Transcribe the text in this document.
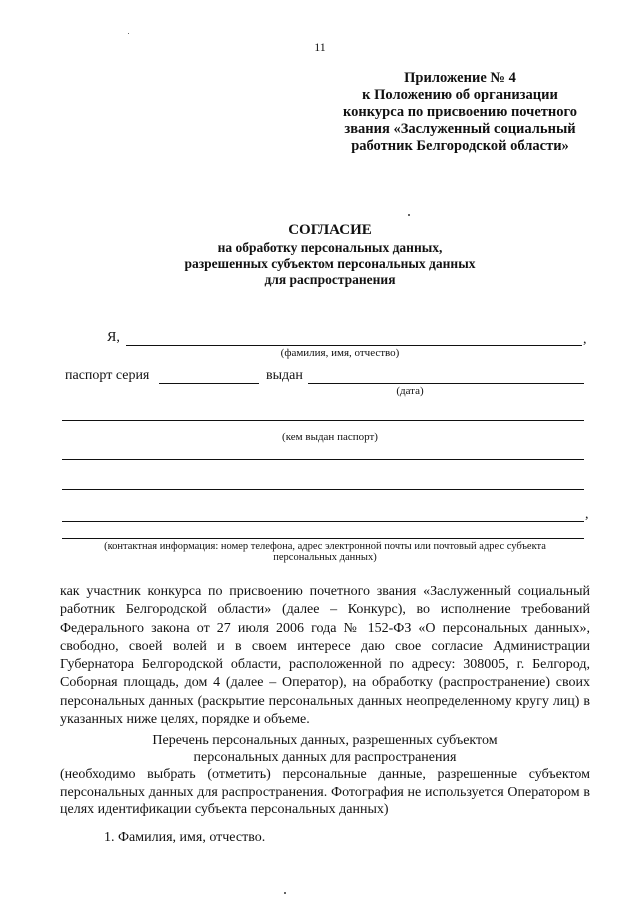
11
Приложение № 4
к Положению об организации
конкурса по присвоению почетного
звания «Заслуженный социальный
работник Белгородской области»
СОГЛАСИЕ
на обработку персональных данных,
разрешенных субъектом персональных данных
для распространения
Я,	,
(фамилия, имя, отчество)
паспорт серия	выдан
(дата)
(кем выдан паспорт)
,
(контактная информация: номер телефона, адрес электронной почты или почтовый адрес субъекта
персональных данных)
как участник конкурса по присвоению почетного звания «Заслуженный социальный работник Белгородской области» (далее – Конкурс), во исполнение требований Федерального закона от 27 июля 2006 года № 152-ФЗ «О персональных данных», свободно, своей волей и в своем интересе даю свое согласие Администрации Губернатора Белгородской области, расположенной по адресу: 308005, г. Белгород, Соборная площадь, дом 4 (далее – Оператор), на обработку (распространение) своих персональных данных (раскрытие персональных данных неопределенному кругу лиц) в указанных ниже целях, порядке и объеме.
Перечень персональных данных, разрешенных субъектом
персональных данных для распространения
(необходимо выбрать (отметить) персональные данные, разрешенные субъектом персональных данных для распространения. Фотография не используется Оператором в целях идентификации субъекта персональных данных)
1. Фамилия, имя, отчество.
